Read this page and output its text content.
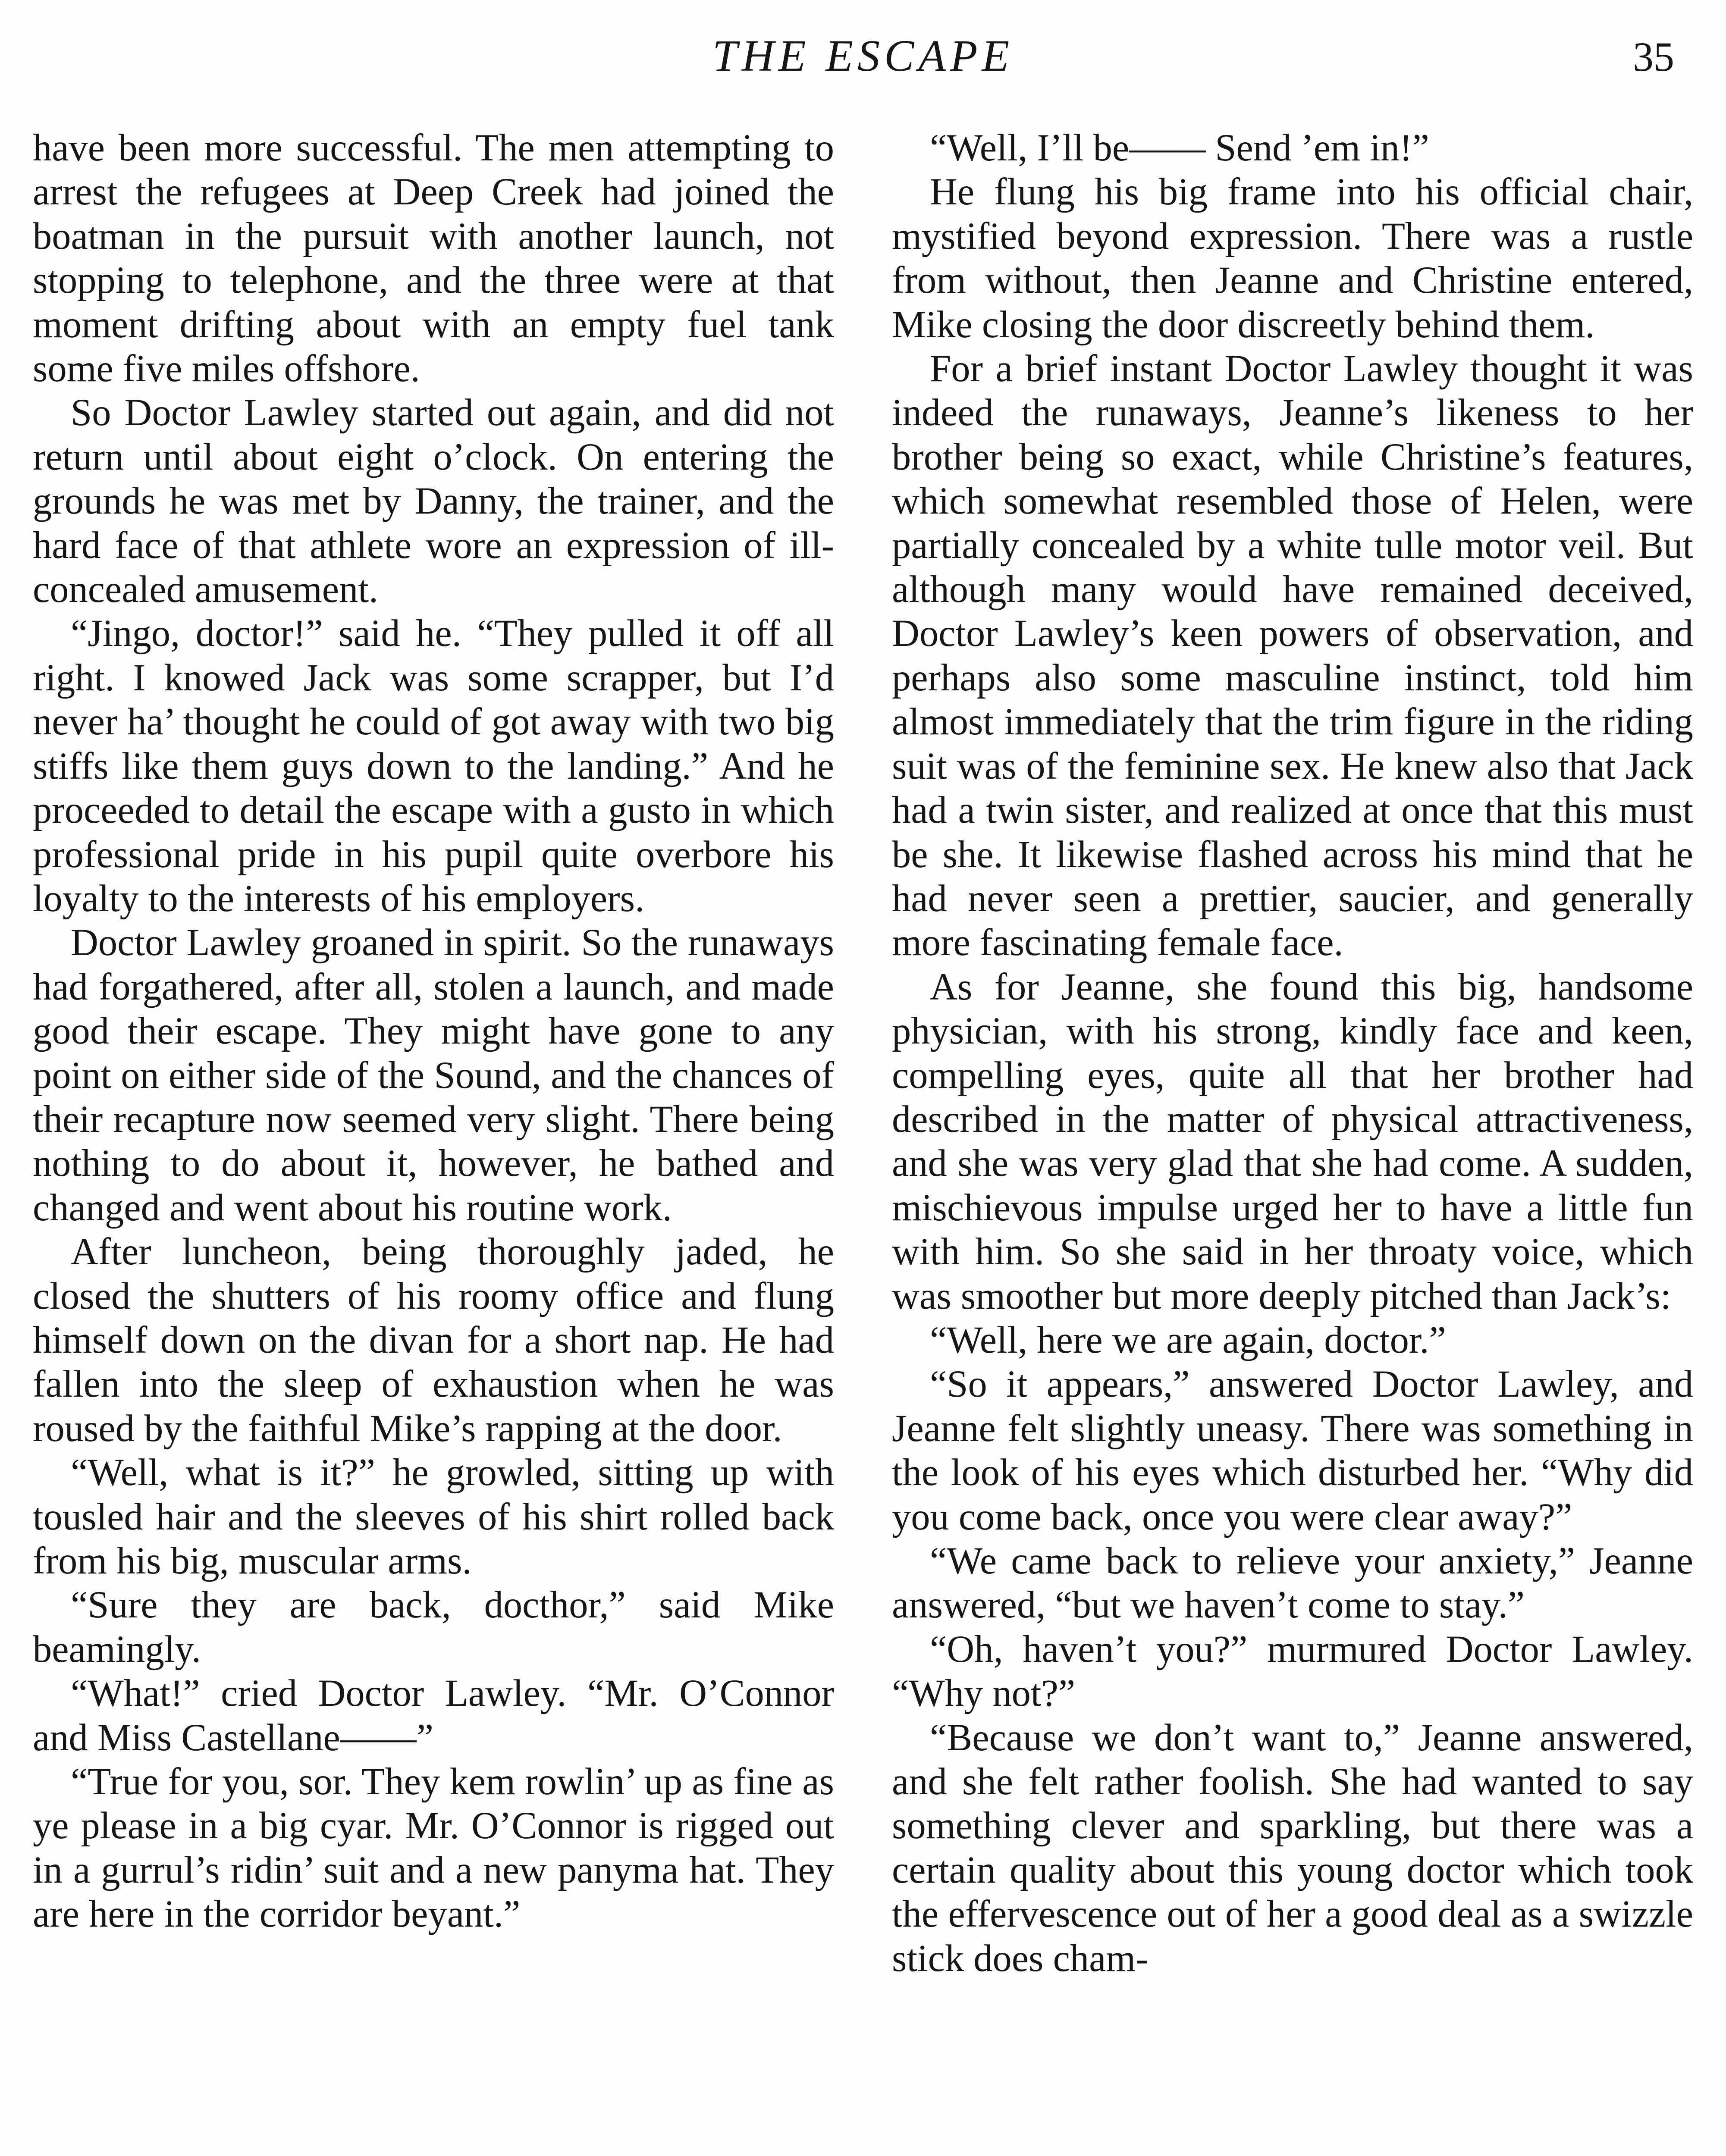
THE ESCAPE	35

have been more successful. The men attempting to arrest the refugees at Deep Creek had joined the boatman in the pursuit with another launch, not stopping to telephone, and the three were at that moment drifting about with an empty fuel tank some five miles offshore.

So Doctor Lawley started out again, and did not return until about eight o’clock. On entering the grounds he was met by Danny, the trainer, and the hard face of that athlete wore an expression of ill-concealed amusement.

“Jingo, doctor!” said he. “They pulled it off all right. I knowed Jack was some scrapper, but I’d never ha’ thought he could of got away with two big stiffs like them guys down to the landing.” And he proceeded to detail the escape with a gusto in which professional pride in his pupil quite overbore his loyalty to the interests of his employers.

Doctor Lawley groaned in spirit. So the runaways had forgathered, after all, stolen a launch, and made good their escape. They might have gone to any point on either side of the Sound, and the chances of their recapture now seemed very slight. There being nothing to do about it, however, he bathed and changed and went about his routine work.

After luncheon, being thoroughly jaded, he closed the shutters of his roomy office and flung himself down on the divan for a short nap. He had fallen into the sleep of exhaustion when he was roused by the faithful Mike’s rapping at the door.

“Well, what is it?” he growled, sitting up with tousled hair and the sleeves of his shirt rolled back from his big, muscular arms.

“Sure they are back, docthor,” said Mike beamingly.

“What!” cried Doctor Lawley. “Mr. O’Connor and Miss Castellane——”

“True for you, sor. They kem rowlin’ up as fine as ye please in a big cyar. Mr. O’Connor is rigged out in a gurrul’s ridin’ suit and a new panyma hat. They are here in the corridor beyant.”

“Well, I’ll be—— Send ’em in!”

He flung his big frame into his official chair, mystified beyond expression. There was a rustle from without, then Jeanne and Christine entered, Mike closing the door discreetly behind them.

For a brief instant Doctor Lawley thought it was indeed the runaways, Jeanne’s likeness to her brother being so exact, while Christine’s features, which somewhat resembled those of Helen, were partially concealed by a white tulle motor veil. But although many would have remained deceived, Doctor Lawley’s keen powers of observation, and perhaps also some masculine instinct, told him almost immediately that the trim figure in the riding suit was of the feminine sex. He knew also that Jack had a twin sister, and realized at once that this must be she. It likewise flashed across his mind that he had never seen a prettier, saucier, and generally more fascinating female face.

As for Jeanne, she found this big, handsome physician, with his strong, kindly face and keen, compelling eyes, quite all that her brother had described in the matter of physical attractiveness, and she was very glad that she had come. A sudden, mischievous impulse urged her to have a little fun with him. So she said in her throaty voice, which was smoother but more deeply pitched than Jack’s:

“Well, here we are again, doctor.”

“So it appears,” answered Doctor Lawley, and Jeanne felt slightly uneasy. There was something in the look of his eyes which disturbed her. “Why did you come back, once you were clear away?”

“We came back to relieve your anxiety,” Jeanne answered, “but we haven’t come to stay.”

“Oh, haven’t you?” murmured Doctor Lawley. “Why not?”

“Because we don’t want to,” Jeanne answered, and she felt rather foolish. She had wanted to say something clever and sparkling, but there was a certain quality about this young doctor which took the effervescence out of her a good deal as a swizzle stick does cham-
